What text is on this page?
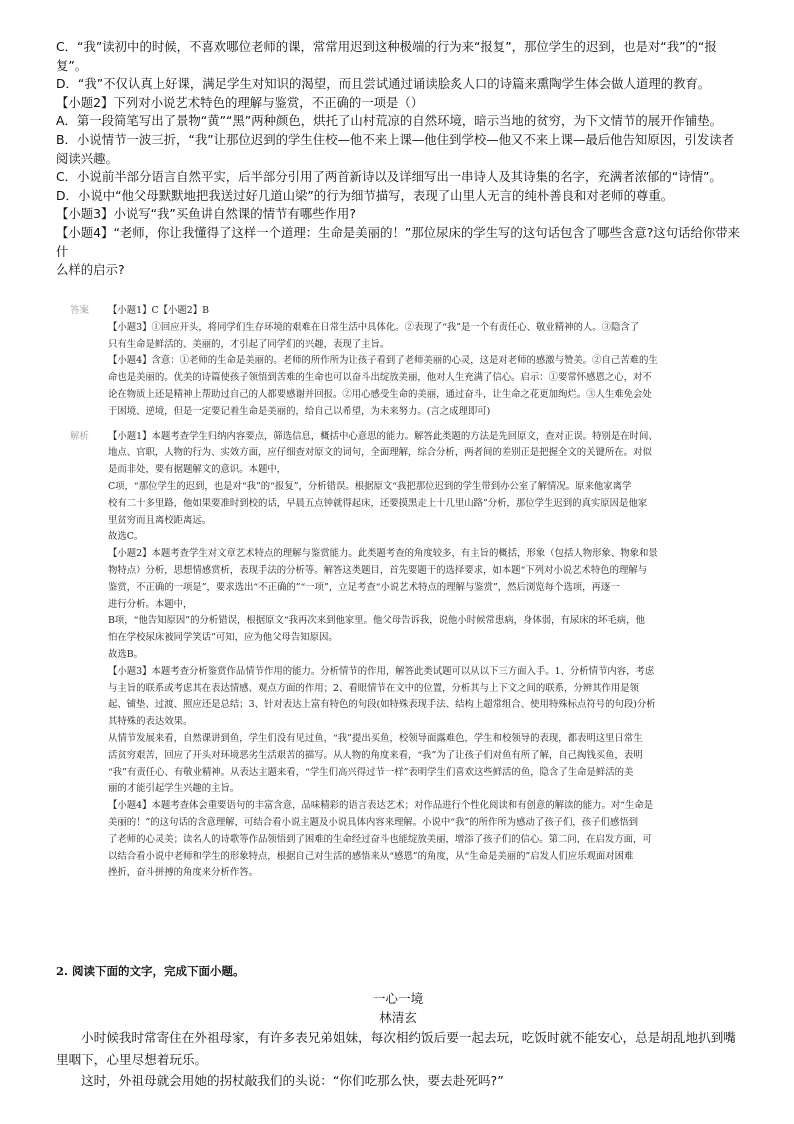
C．“我”读初中的时候，不喜欢哪位老师的课，常常用迟到这种极端的行为来“报复”，那位学生的迟到，也是对“我”的“报

复”。

D．“我”不仅认真上好课，满足学生对知识的渴望，而且尝试通过诵读脍炙人口的诗篇来熏陶学生体会做人道理的教育。

【小题2】下列对小说艺术特色的理解与鉴赏，不正确的一项是（）

A．第一段简笔写出了景物“黄”“黑”两种颜色，烘托了山村荒凉的自然环境，暗示当地的贫穷，为下文情节的展开作铺垫。

B．小说情节一波三折，“我”让那位迟到的学生住校—他不来上课—他住到学校—他又不来上课—最后他告知原因，引发读者

阅读兴趣。

C．小说前半部分语言自然平实，后半部分引用了两首新诗以及详细写出一串诗人及其诗集的名字，充满者浓郁的“诗情”。

D．小说中“他父母默默地把我送过好几道山梁”的行为细节描写，表现了山里人无言的纯朴善良和对老师的尊重。

【小题3】小说写“我”买鱼讲自然课的情节有哪些作用?

【小题4】“老师，你让我懂得了这样一个道理：生命是美丽的！”那位尿床的学生写的这句话包含了哪些含意?这句话给你带来什

么样的启示?

答案	【小题1】C【小题2】B

【小题3】①回应开头，将同学们生存环境的艰难在日常生活中具体化。②表现了“我”是一个有责任心、敬业精神的人。③隐含了

只有生命是鲜活的、美丽的，才引起了同学们的兴趣，表现了主旨。

【小题4】含意：①老师的生命是美丽的。老师的所作所为让孩子看到了老师美丽的心灵，这是对老师的感激与赞美。②自己苦难的生

命也是美丽的。优美的诗篇使孩子领悟到苦难的生命也可以奋斗出绽放美丽，他对人生充满了信心。启示：①要常怀感恩之心，对不

论在物质上还是精神上帮助过自己的人都要感谢并回报。②用心感受生命的美丽，通过奋斗，让生命之花更加绚烂。③人生难免会处

于困境、逆境，但是一定要记着生命是美丽的，给自己以希望，为未来努力。(言之成理即可)

解析	【小题1】本题考查学生归纳内容要点，筛选信息，概括中心意思的能力。解答此类题的方法是先回原文，查对正误。特别是在时间、

地点、官职，人物的行为、实效方面，应仔细查对原文的词句，全面理解，综合分析，两者间的差别正是把握全文的关键所在。对似

是而非处，要有据题解文的意识。本题中，

C项，“那位学生的迟到，也是对“我”的“报复”，分析错误。根据原文“我把那位迟到的学生带到办公室了解情况。原来他家离学

校有二十多里路，他如果要准时到校的话，早晨五点钟就得起床，还要摸黑走上十几里山路”分析，那位学生迟到的真实原因是他家

里贫穷而且离校距离远。

故选C。

【小题2】本题考查学生对文章艺术特点的理解与鉴赏能力。此类题考查的角度较多，有主旨的概括，形象（包括人物形象、物象和景

物特点）分析，思想情感赏析，表现手法的分析等。解答这类题目，首先要题干的选择要求，如本题“下列对小说艺术特色的理解与

鉴赏，不正确的一项是”，要求选出“不正确的”“一项”，立足考查“小说艺术特点的理解与鉴赏”，然后浏览每个选项，再逐一

进行分析。本题中，

B项，“他告知原因”的分析错误，根据原文“我再次来到他家里。他父母告诉我，说他小时候常患病，身体弱，有尿床的坏毛病，他

怕在学校尿床被同学笑话”可知，应为他父母告知原因。

故选B。

【小题3】本题考查分析鉴赏作品情节作用的能力。分析情节的作用，解答此类试题可以从以下三方面入手。1、分析情节内容，考虑

与主旨的联系或考虑其在表达情感、观点方面的作用；2、看眼情节在文中的位置，分析其与上下文之间的联系，分辨其作用是领

起、铺垫、过渡、照应还是总结；3、针对表达上富有特色的句段(如特殊表现手法、结构上超常组合、使用特殊标点符号的句段)分析

其特殊的表达效果。

从情节发展来看，自然课讲到鱼，学生们没有见过鱼，“我”提出买鱼，校领导面露难色，学生和校领导的表现，都表明这里日常生

活贫穷艰苦，回应了开头对环境恶劣生活艰苦的描写。从人物的角度来看，“我”为了让孩子们对鱼有所了解，自己掏钱买鱼，表明

“我”有责任心、有敬业精神。从表达主题来看，“学生们高兴得过节一样”表明学生们喜欢这些鲜活的鱼，隐含了生命是鲜活的美

丽的才能引起学生兴趣的主旨。

【小题4】本题考查体会重要语句的丰富含意，品味精彩的语言表达艺术；对作品进行个性化阅读和有创意的解读的能力。对“生命是

美丽的！”的这句话的含意理解，可结合看小说主题及小说具体内容来理解。小说中“我”的所作所为感动了孩子们，孩子们感悟到

了老师的心灵美；读名人的诗歌等作品领悟到了困难的生命经过奋斗也能绽放美丽，增添了孩子们的信心。第二问，在启发方面，可

以结合看小说中老师和学生的形象特点，根据自己对生活的感悟来从“感恩”的角度，从“生命是美丽的”启发人们应乐观面对困难

挫折，奋斗拼搏的角度来分析作答。

2. 阅读下面的文字，完成下面小题。

一心一境

林清玄

小时候我时常寄住在外祖母家，有许多表兄弟姐妹，每次相约饭后要一起去玩，吃饭时就不能安心，总是胡乱地扒到嘴里咽下，心里尽想着玩乐。

这时，外祖母就会用她的拐杖敲我们的头说：“你们吃那么快，要去赴死吗?”
